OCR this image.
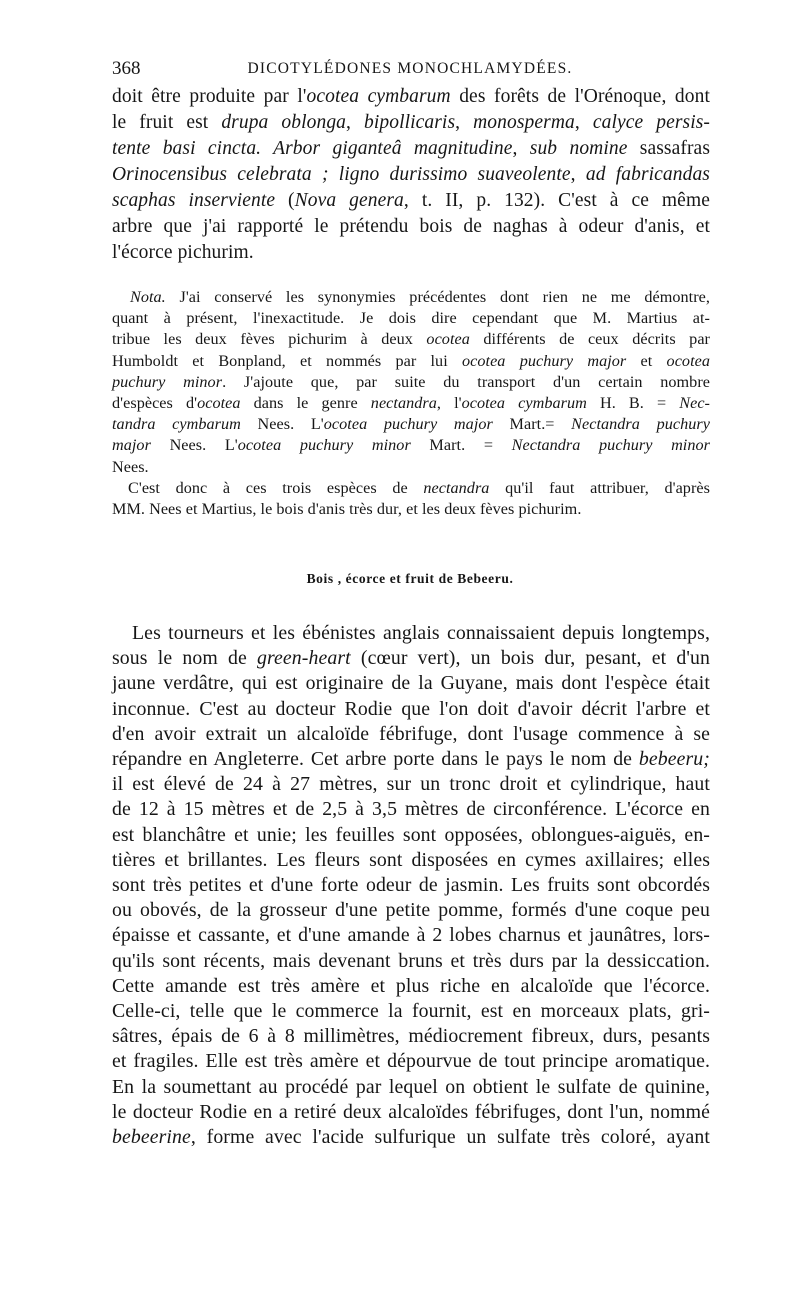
368	DICOTYLÉDONES MONOCHLAMYDÉES.
doit être produite par l'ocotea cymbarum des forêts de l'Orénoque, dont
le fruit est drupa oblonga, bipollicaris, monosperma, calyce persis-
tente basi cincta. Arbor giganteâ magnitudine, sub nomine sassafras
Orinocensibus celebrata ; ligno durissimo suaveolente, ad fabricandas
scaphas inserviente (Nova genera, t. II, p. 132). C'est à ce même
arbre que j'ai rapporté le prétendu bois de naghas à odeur d'anis, et
l'écorce pichurim.
Nota. J'ai conservé les synonymies précédentes dont rien ne me démontre,
quant à présent, l'inexactitude. Je dois dire cependant que M. Martius at-
tribue les deux fèves pichurim à deux ocotea différents de ceux décrits par
Humboldt et Bonpland, et nommés par lui ocotea puchury major et ocotea
puchury minor. J'ajoute que, par suite du transport d'un certain nombre
d'espèces d'ocotea dans le genre nectandra, l'ocotea cymbarum H. B. = Nec-
tandra cymbarum Nees. L'ocotea puchury major Mart.= Nectandra puchury
major Nees. L'ocotea puchury minor Mart. = Nectandra puchury minor
Nees.
C'est donc à ces trois espèces de nectandra qu'il faut attribuer, d'après
MM. Nees et Martius, le bois d'anis très dur, et les deux fèves pichurim.
Bois , écorce et fruit de Bebeeru.
Les tourneurs et les ébénistes anglais connaissaient depuis longtemps,
sous le nom de green-heart (cœur vert), un bois dur, pesant, et d'un
jaune verdâtre, qui est originaire de la Guyane, mais dont l'espèce était
inconnue. C'est au docteur Rodie que l'on doit d'avoir décrit l'arbre et
d'en avoir extrait un alcaloïde fébrifuge, dont l'usage commence à se
répandre en Angleterre. Cet arbre porte dans le pays le nom de bebeeru;
il est élevé de 24 à 27 mètres, sur un tronc droit et cylindrique, haut
de 12 à 15 mètres et de 2,5 à 3,5 mètres de circonférence. L'écorce en
est blanchâtre et unie; les feuilles sont opposées, oblongues-aiguës, en-
tières et brillantes. Les fleurs sont disposées en cymes axillaires; elles
sont très petites et d'une forte odeur de jasmin. Les fruits sont obcordés
ou obovés, de la grosseur d'une petite pomme, formés d'une coque peu
épaisse et cassante, et d'une amande à 2 lobes charnus et jaunâtres, lors-
qu'ils sont récents, mais devenant bruns et très durs par la dessiccation.
Cette amande est très amère et plus riche en alcaloïde que l'écorce.
Celle-ci, telle que le commerce la fournit, est en morceaux plats, gri-
sâtres, épais de 6 à 8 millimètres, médiocrement fibreux, durs, pesants
et fragiles. Elle est très amère et dépourvue de tout principe aromatique.
En la soumettant au procédé par lequel on obtient le sulfate de quinine,
le docteur Rodie en a retiré deux alcaloïdes fébrifuges, dont l'un, nommé
bebeerine, forme avec l'acide sulfurique un sulfate très coloré, ayant
